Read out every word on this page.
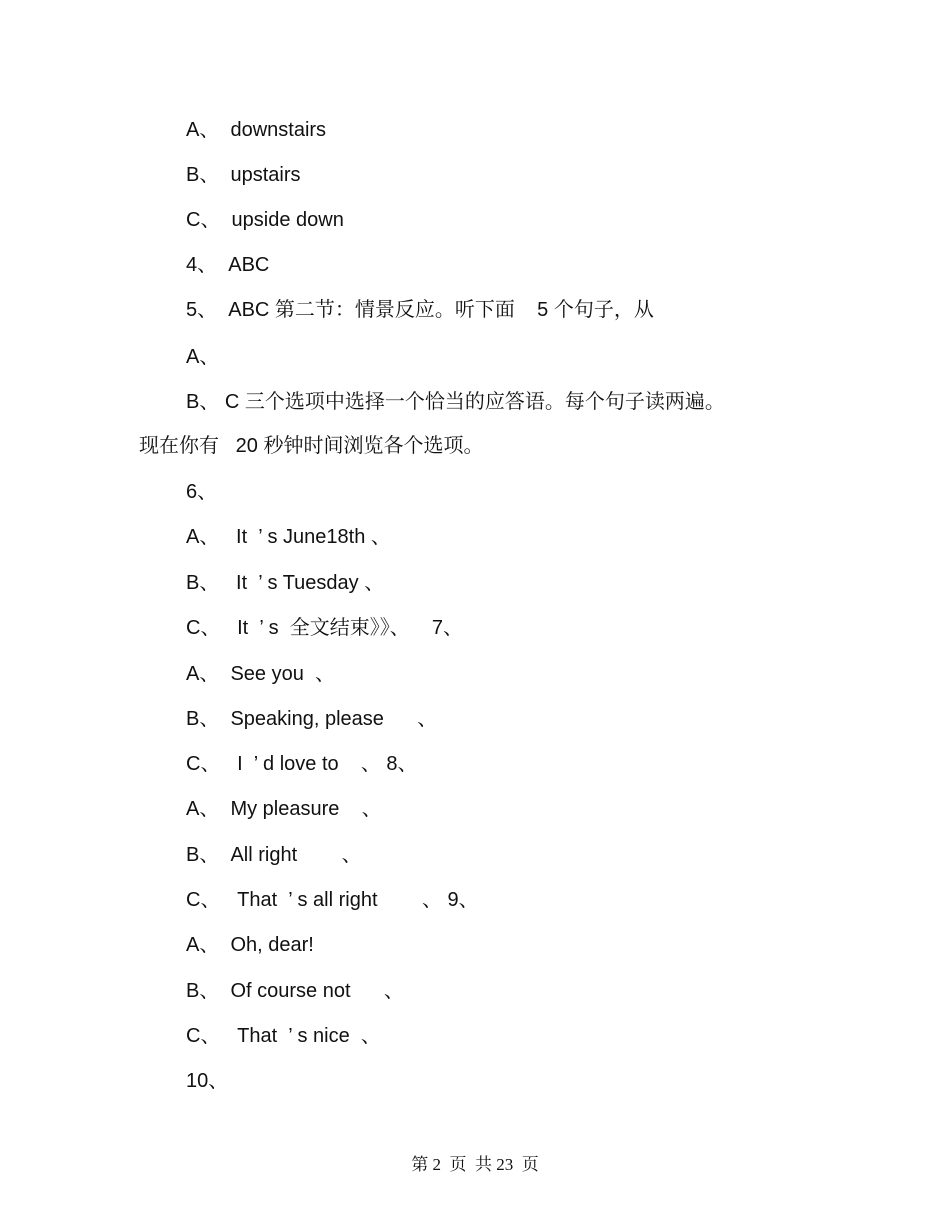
A、  downstairs
B、  upstairs
C、  upside down
4、  ABC
5、  ABC 第二节：情景反应。听下面    5 个句子，从
A、
B、 C 三个选项中选择一个恰当的应答语。每个句子读两遍。
现在你有   20 秒钟时间浏览各个选项。
6、
A、   It  ’ s June18th 、
B、   It  ’ s Tuesday 、
C、   It  ’ s  全文结束》》、    7、
A、  See you  、
B、  Speaking, please      、
C、   I  ’ d love to    、 8、
A、  My pleasure    、
B、  All right        、
C、   That  ’ s all right        、 9、
A、  Oh, dear!
B、  Of course not      、
C、   That  ’ s nice  、
10、
第 2  页  共 23  页
